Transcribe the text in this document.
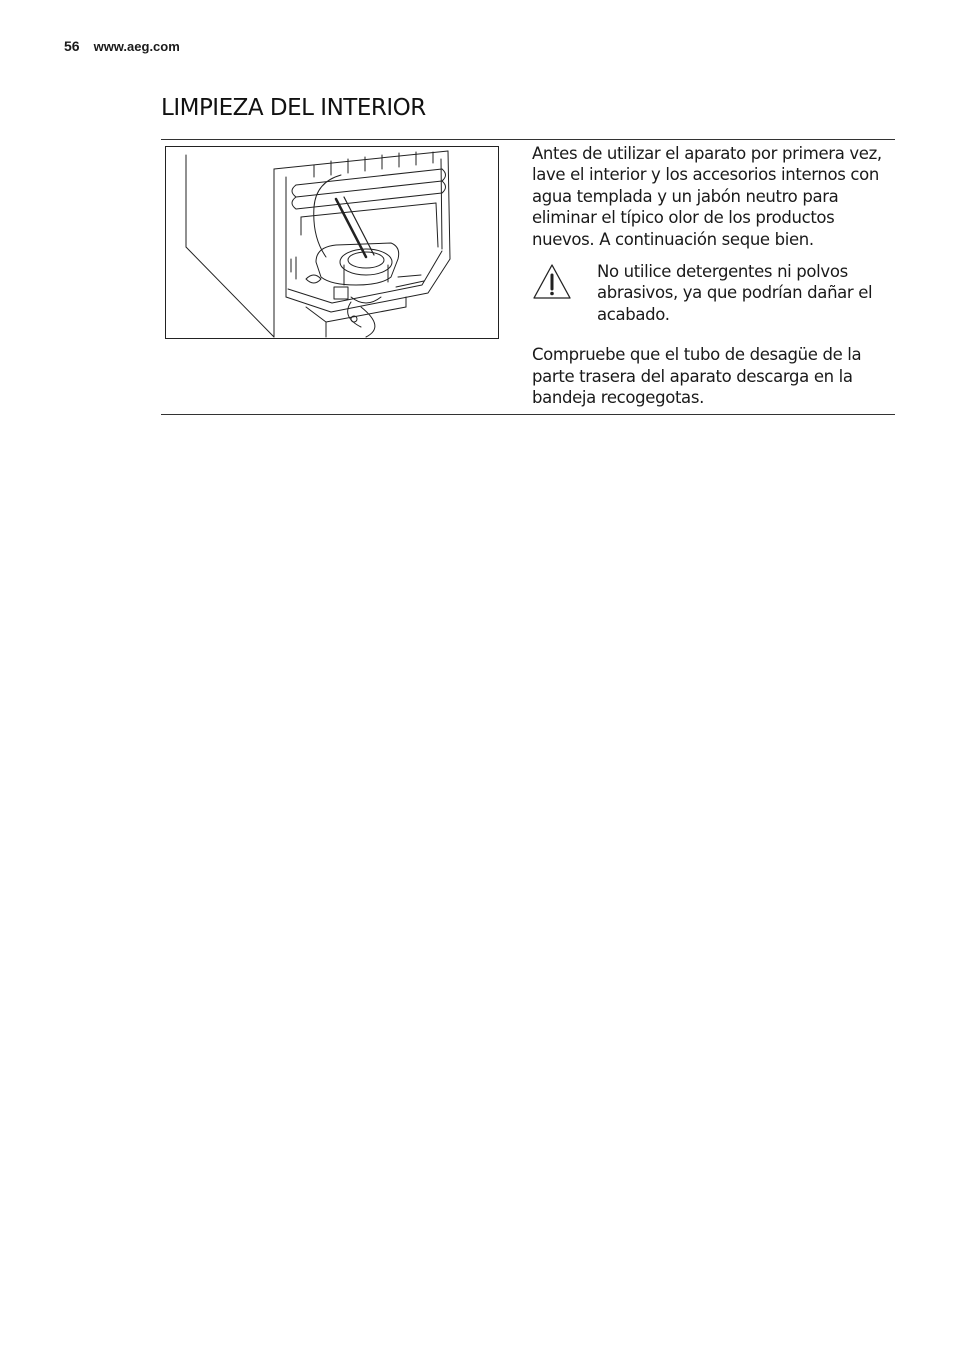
56 www.aeg.com
LIMPIEZA DEL INTERIOR

Antes de utilizar el aparato por primera vez, lave el interior y los accesorios internos con agua templada y un jabón neutro para eliminar el típico olor de los productos nuevos. A continuación seque bien.

No utilice detergentes ni polvos abrasivos, ya que podrían dañar el acabado.

Compruebe que el tubo de desagüe de la parte trasera del aparato descarga en la bandeja recogegotas.
